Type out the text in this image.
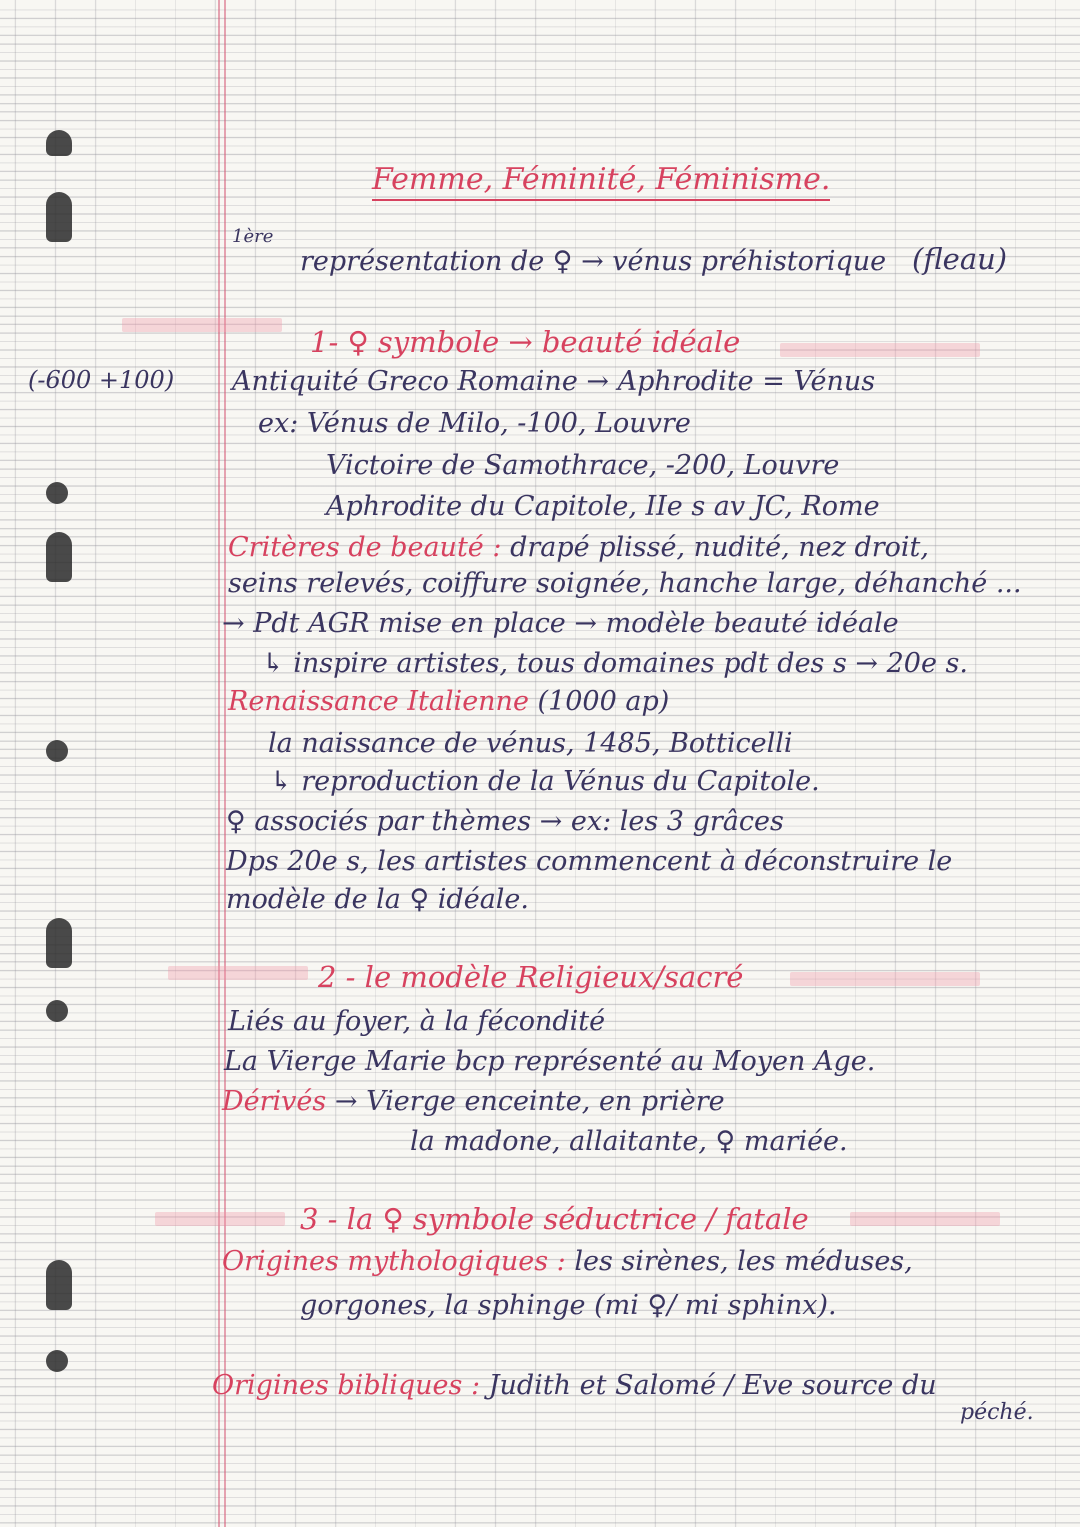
Femme, Féminité, Féminisme.
1ère
représentation de ♀ → vénus préhistorique (fleau)
1- ♀ symbole → beauté idéale
(-600 +100) Antiquité Greco Romaine → Aphrodite = Vénus
ex: Vénus de Milo, -100, Louvre
Victoire de Samothrace, -200, Louvre
Aphrodite du Capitole, IIe s av JC, Rome
Critères de beauté : drapé plissé, nudité, nez droit,
seins relevés, coiffure soignée, hanche large, déhanché ...
→ Pdt AGR mise en place → modèle beauté idéale
↳ inspire artistes, tous domaines pdt des s → 20e s.
Renaissance Italienne (1000 ap)
la naissance de vénus, 1485, Botticelli
↳ reproduction de la Vénus du Capitole.
♀ associés par thèmes → ex: les 3 grâces
Dps 20e s, les artistes commencent à déconstruire le
modèle de la ♀ idéale.
2 - le modèle Religieux/sacré
Liés au foyer, à la fécondité
La Vierge Marie bcp représenté au Moyen Age.
Dérivés → Vierge enceinte, en prière
la madone, allaitante, ♀ mariée.
3 - la ♀ symbole séductrice / fatale
Origines mythologiques : les sirènes, les méduses,
gorgones, la sphinge (mi ♀/ mi sphinx).
Origines bibliques : Judith et Salomé / Eve source du
péché.
